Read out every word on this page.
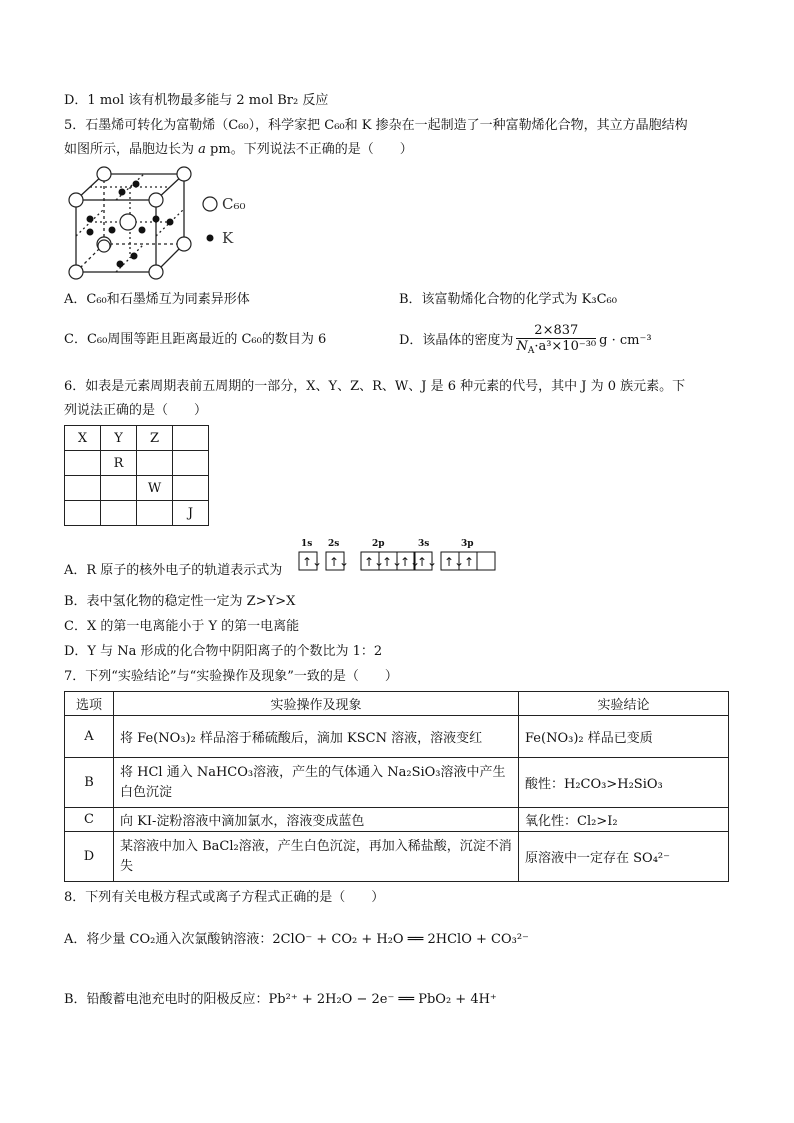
D．1 mol 该有机物最多能与 2 mol Br₂ 反应
5．石墨烯可转化为富勒烯（C₆₀），科学家把 C₆₀和 K 掺杂在一起制造了一种富勒烯化合物，其立方晶胞结构
如图所示，晶胞边长为 a pm。下列说法不正确的是（　　）
C₆₀
K
A．C₆₀和石墨烯互为同素异形体	B．该富勒烯化合物的化学式为 K₃C₆₀
C．C₆₀周围等距且距离最近的 C₆₀的数目为 6	D．该晶体的密度为 $\frac{2\times 837}{N_A\cdot a^3\times 10^{-30}}$ g · cm⁻³
6．如表是元素周期表前五周期的一部分，X、Y、Z、R、W、J 是 6 种元素的代号，其中 J 为 0 族元素。下
列说法正确的是（　　）
X	Y	Z	
	R		
		W	
			J
A．R 原子的核外电子的轨道表示式为
1s 2s	2p	3s	3p
↑↓ ↑↓ ↑↓
↑↓
↑↓
↑↓ ↑↓ ↑
B．表中氢化物的稳定性一定为 Z>Y>X
C．X 的第一电离能小于 Y 的第一电离能
D．Y 与 Na 形成的化合物中阴阳离子的个数比为 1：2
7．下列“实验结论”与“实验操作及现象”一致的是（　　）
选项	实验操作及现象	实验结论
A	将 Fe(NO₃)₂ 样品溶于稀硫酸后，滴加 KSCN 溶液，溶液变红	Fe(NO₃)₂ 样品已变质
B	将 HCl 通入 NaHCO₃溶液，产生的气体通入 Na₂SiO₃溶液中产生白色沉淀	酸性：H₂CO₃>H₂SiO₃
C	向 KI-淀粉溶液中滴加氯水，溶液变成蓝色	氧化性：Cl₂>I₂
D	某溶液中加入 BaCl₂溶液，产生白色沉淀，再加入稀盐酸，沉淀不消失	原溶液中一定存在 SO₄²⁻
8．下列有关电极方程式或离子方程式正确的是（　　）
A．将少量 CO₂通入次氯酸钠溶液：2ClO⁻ + CO₂ + H₂O ══ 2HClO + CO₃²⁻
B．铅酸蓄电池充电时的阳极反应：Pb²⁺ + 2H₂O − 2e⁻ ══ PbO₂ + 4H⁺
